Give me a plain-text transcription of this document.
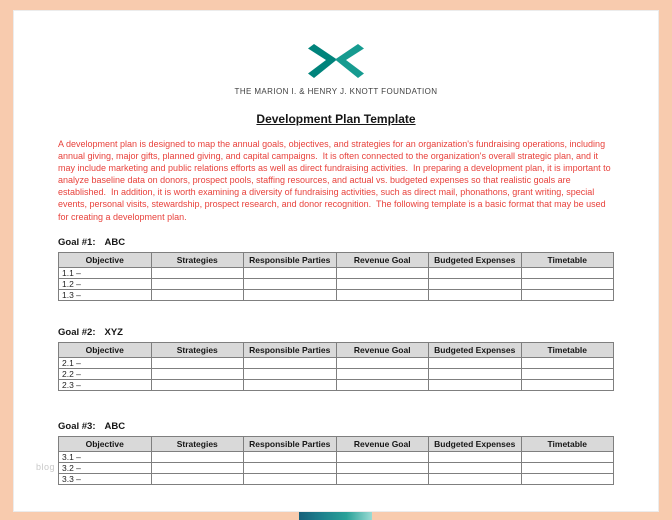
THE MARION I. & HENRY J. KNOTT FOUNDATION
Development Plan Template

A development plan is designed to map the annual goals, objectives, and strategies for an organization's fundraising operations, including annual giving, major gifts, planned giving, and capital campaigns.  It is often connected to the organization's overall strategic plan, and it may include marketing and public relations efforts as well as direct fundraising activities.  In preparing a development plan, it is important to analyze baseline data on donors, prospect pools, staffing resources, and actual vs. budgeted expenses so that realistic goals are established.  In addition, it is worth examining a diversity of fundraising activities, such as direct mail, phonathons, grant writing, special events, personal visits, stewardship, prospect research, and donor recognition.  The following template is a basic format that may be used for creating a development plan.

Goal #1: ABC
Objective	Strategies	Responsible Parties	Revenue Goal	Budgeted Expenses	Timetable
1.1 –					
1.2 –					
1.3 –					
Goal #2: XYZ
Objective	Strategies	Responsible Parties	Revenue Goal	Budgeted Expenses	Timetable
2.1 –					
2.2 –					
2.3 –					
Goal #3: ABC
Objective	Strategies	Responsible Parties	Revenue Goal	Budgeted Expenses	Timetable
3.1 –					
3.2 –					
3.3 –					
blog
